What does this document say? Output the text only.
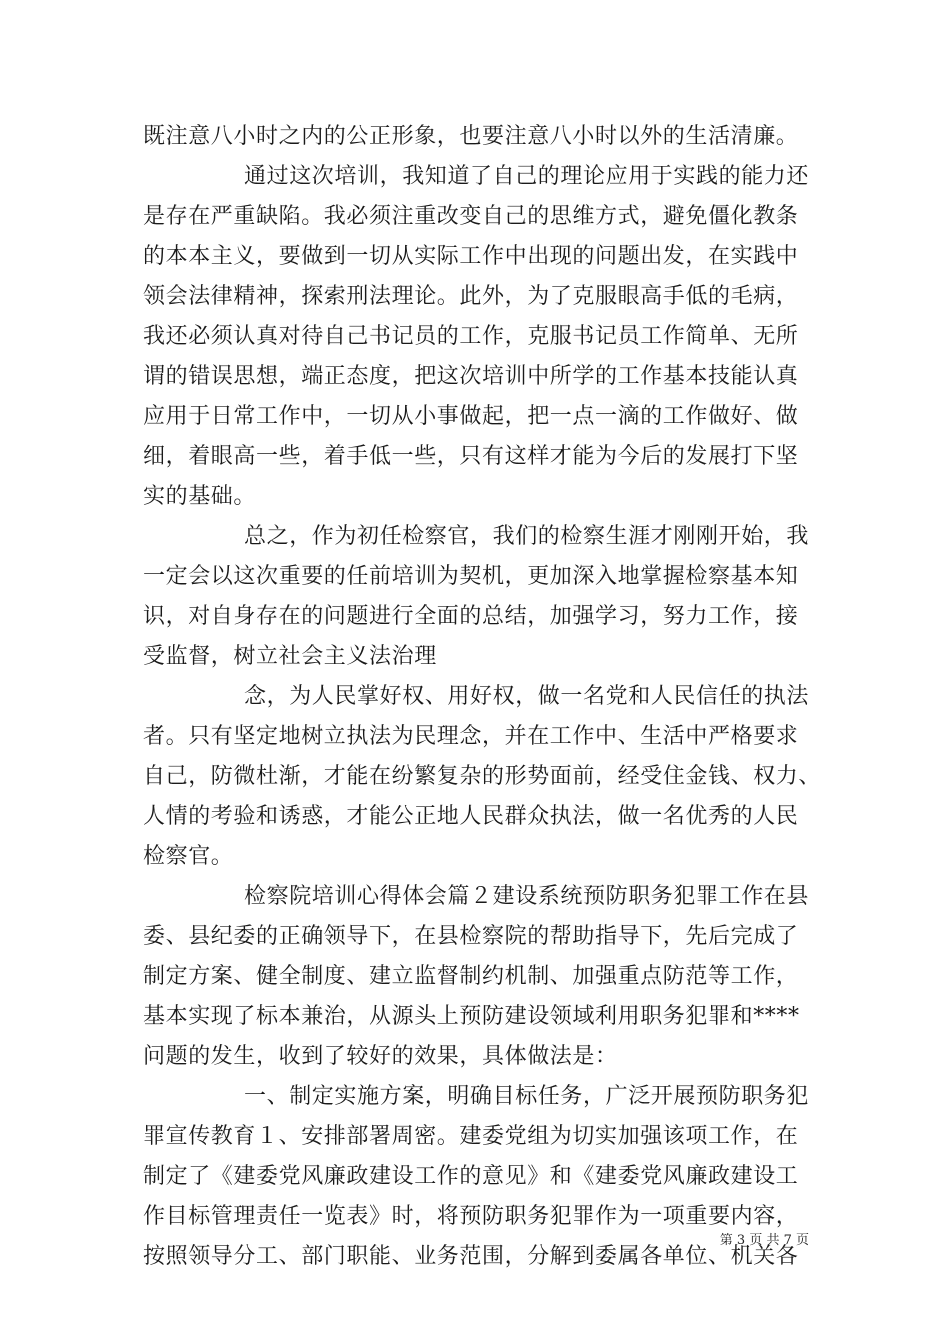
既注意八小时之内的公正形象，也要注意八小时以外的生活清廉。
通过这次培训，我知道了自己的理论应用于实践的能力还
是存在严重缺陷。我必须注重改变自己的思维方式，避免僵化教条
的本本主义，要做到一切从实际工作中出现的问题出发，在实践中
领会法律精神，探索刑法理论。此外，为了克服眼高手低的毛病，
我还必须认真对待自己书记员的工作，克服书记员工作简单、无所
谓的错误思想，端正态度，把这次培训中所学的工作基本技能认真
应用于日常工作中，一切从小事做起，把一点一滴的工作做好、做
细，着眼高一些，着手低一些，只有这样才能为今后的发展打下坚
实的基础。
总之，作为初任检察官，我们的检察生涯才刚刚开始，我
一定会以这次重要的任前培训为契机，更加深入地掌握检察基本知
识，对自身存在的问题进行全面的总结，加强学习，努力工作，接
受监督，树立社会主义法治理
念，为人民掌好权、用好权，做一名党和人民信任的执法
者。只有坚定地树立执法为民理念，并在工作中、生活中严格要求
自己，防微杜渐，才能在纷繁复杂的形势面前，经受住金钱、权力、
人情的考验和诱惑，才能公正地人民群众执法，做一名优秀的人民
检察官。
检察院培训心得体会篇２建设系统预防职务犯罪工作在县
委、县纪委的正确领导下，在县检察院的帮助指导下，先后完成了
制定方案、健全制度、建立监督制约机制、加强重点防范等工作，
基本实现了标本兼治，从源头上预防建设领域利用职务犯罪和****
问题的发生，收到了较好的效果，具体做法是：
一、制定实施方案，明确目标任务，广泛开展预防职务犯
罪宣传教育１、安排部署周密。建委党组为切实加强该项工作，在
制定了《建委党风廉政建设工作的意见》和《建委党风廉政建设工
作目标管理责任一览表》时，将预防职务犯罪作为一项重要内容，
按照领导分工、部门职能、业务范围，分解到委属各单位、机关各
第 3 页 共 7 页
